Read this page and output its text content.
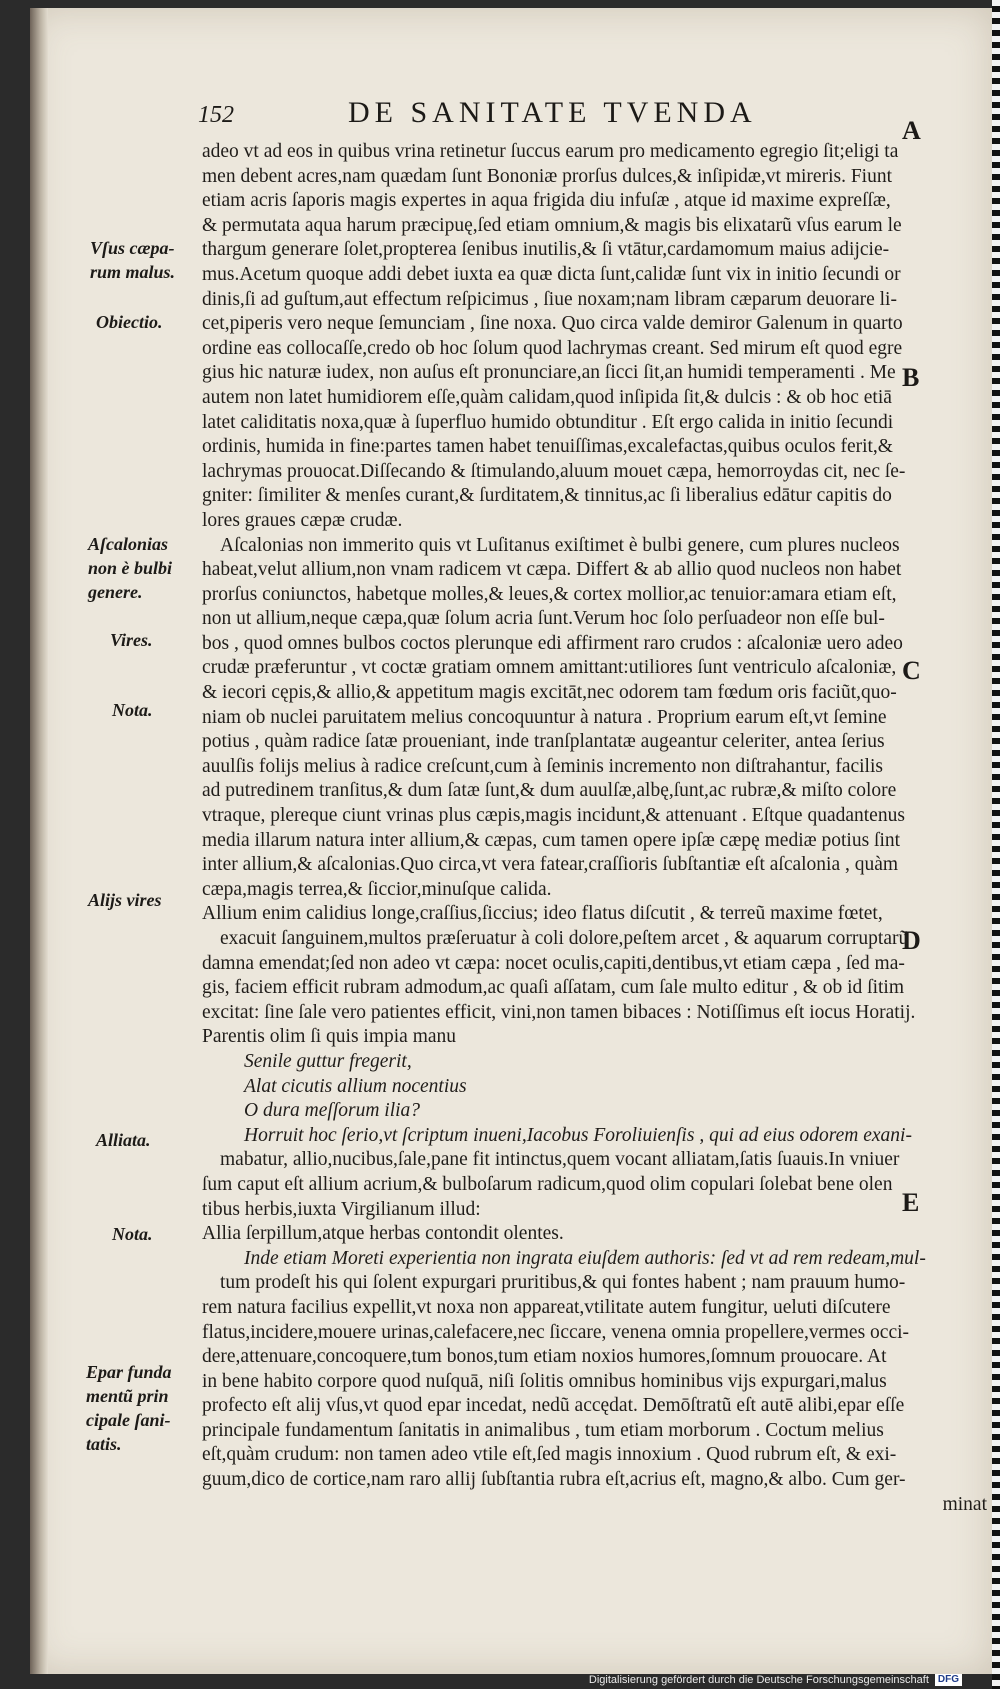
152	DE SANITATE TVENDA
A
B
C
D
E
Vſus cæpa-
rum malus.
Obiectio.
Aſcalonias
non è bulbi
genere.
Vires.
Nota.
Alijs vires
Alliata.
Nota.
Epar funda
mentũ prin
cipale ſani-
tatis.
adeo vt ad eos in quibus vrina retinetur ſuccus earum pro medicamento egregio ſit;eligi ta
men debent acres,nam quædam ſunt Bononiæ prorſus dulces,& inſipidæ,vt mireris. Fiunt
etiam acris ſaporis magis expertes in aqua frigida diu infuſæ , atque id maxime expreſſæ,
& permutata aqua harum præcipuę,ſed etiam omnium,& magis bis elixatarũ vſus earum le
thargum generare ſolet,propterea ſenibus inutilis,& ſi vtātur,cardamomum maius adijcie-
mus.Acetum quoque addi debet iuxta ea quæ dicta ſunt,calidæ ſunt vix in initio ſecundi or
dinis,ſi ad guſtum,aut effectum reſpicimus , ſiue noxam;nam libram cæparum deuorare li-
cet,piperis vero neque ſemunciam , ſine noxa. Quo circa valde demiror Galenum in quarto
ordine eas collocaſſe,credo ob hoc ſolum quod lachrymas creant. Sed mirum eſt quod egre
gius hic naturæ iudex, non auſus eſt pronunciare,an ſicci ſit,an humidi temperamenti . Me
autem non latet humidiorem eſſe,quàm calidam,quod inſipida ſit,& dulcis : & ob hoc etiā
latet caliditatis noxa,quæ à ſuperfluo humido obtunditur . Eſt ergo calida in initio ſecundi
ordinis, humida in fine:partes tamen habet tenuiſſimas,excalefactas,quibus oculos ferit,&
lachrymas prouocat.Diſſecando & ſtimulando,aluum mouet cæpa, hemorroydas cit, nec ſe-
gniter: ſimiliter & menſes curant,& ſurditatem,& tinnitus,ac ſi liberalius edātur capitis do
lores graues cæpæ crudæ.
Aſcalonias non immerito quis vt Luſitanus exiſtimet è bulbi genere, cum plures nucleos
habeat,velut allium,non vnam radicem vt cæpa. Differt & ab allio quod nucleos non habet
prorſus coniunctos, habetque molles,& leues,& cortex mollior,ac tenuior:amara etiam eſt,
non ut allium,neque cæpa,quæ ſolum acria ſunt.Verum hoc ſolo perſuadeor non eſſe bul-
bos , quod omnes bulbos coctos plerunque edi affirment raro crudos : aſcaloniæ uero adeo
crudæ præferuntur , vt coctæ gratiam omnem amittant:utiliores ſunt ventriculo aſcaloniæ,
& iecori cępis,& allio,& appetitum magis excitāt,nec odorem tam fœdum oris faciũt,quo-
niam ob nuclei paruitatem melius concoquuntur à natura . Proprium earum eſt,vt ſemine
potius , quàm radice ſatæ proueniant, inde tranſplantatæ augeantur celeriter, antea ſerius
auulſis folijs melius à radice creſcunt,cum à ſeminis incremento non diſtrahantur, facilis
ad putredinem tranſitus,& dum ſatæ ſunt,& dum auulſæ,albę,ſunt,ac rubræ,& miſto colore
vtraque, plereque ciunt vrinas plus cæpis,magis incidunt,& attenuant . Eſtque quadantenus
media illarum natura inter allium,& cæpas, cum tamen opere ipſæ cæpę mediæ potius ſint
inter allium,& aſcalonias.Quo circa,vt vera fatear,craſſioris ſubſtantiæ eſt aſcalonia , quàm
cæpa,magis terrea,& ſiccior,minuſque calida.
Allium enim calidius longe,craſſius,ſiccius; ideo flatus diſcutit , & terreũ maxime fœtet,
exacuit ſanguinem,multos præſeruatur à coli dolore,peſtem arcet , & aquarum corruptarũ
damna emendat;ſed non adeo vt cæpa: nocet oculis,capiti,dentibus,vt etiam cæpa , ſed ma-
gis, faciem efficit rubram admodum,ac quaſi aſſatam, cum ſale multo editur , & ob id ſitim
excitat: ſine ſale vero patientes efficit, vini,non tamen bibaces : Notiſſimus eſt iocus Horatij.
Parentis olim ſi quis impia manu
Senile guttur fregerit,
Alat cicutis allium nocentius
O dura meſſorum ilia?
Horruit hoc ſerio,vt ſcriptum inueni,Iacobus Foroliuienſis , qui ad eius odorem exani-
mabatur, allio,nucibus,ſale,pane fit intinctus,quem vocant alliatam,ſatis ſuauis.In vniuer
ſum caput eſt allium acrium,& bulboſarum radicum,quod olim copulari ſolebat bene olen
tibus herbis,iuxta Virgilianum illud:
Allia ſerpillum,atque herbas contondit olentes.
Inde etiam Moreti experientia non ingrata eiuſdem authoris: ſed vt ad rem redeam,mul-
tum prodeſt his qui ſolent expurgari pruritibus,& qui fontes habent ; nam prauum humo-
rem natura facilius expellit,vt noxa non appareat,vtilitate autem fungitur, ueluti diſcutere
flatus,incidere,mouere urinas,calefacere,nec ſiccare, venena omnia propellere,vermes occi-
dere,attenuare,concoquere,tum bonos,tum etiam noxios humores,ſomnum prouocare. At
in bene habito corpore quod nuſquā, niſi ſolitis omnibus hominibus vijs expurgari,malus
profecto eſt alij vſus,vt quod epar incedat, nedũ accędat. Demōſtratũ eſt autē alibi,epar eſſe
principale fundamentum ſanitatis in animalibus , tum etiam morborum . Coctum melius
eſt,quàm crudum: non tamen adeo vtile eſt,ſed magis innoxium . Quod rubrum eſt, & exi-
guum,dico de cortice,nam raro allij ſubſtantia rubra eſt,acrius eſt, magno,& albo. Cum ger-
minat
Digitalisierung gefördert durch die Deutsche Forschungsgemeinschaft DFG
